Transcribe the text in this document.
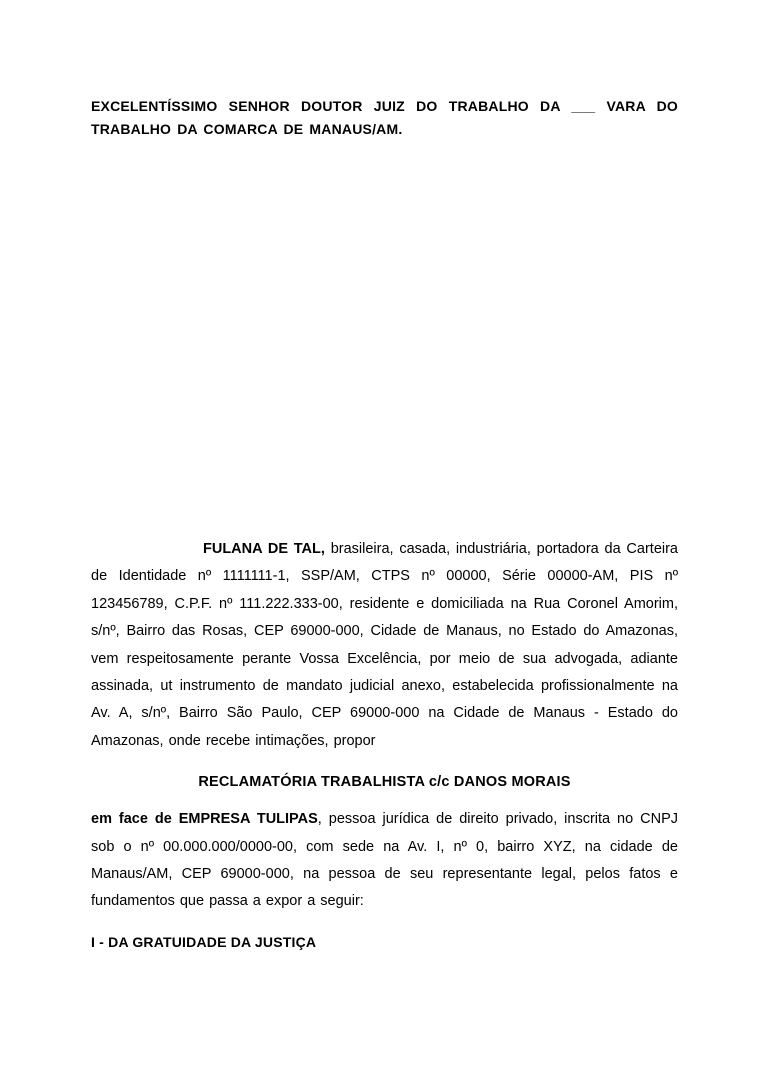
EXCELENTÍSSIMO SENHOR DOUTOR JUIZ DO TRABALHO DA ___ VARA DO TRABALHO DA COMARCA DE MANAUS/AM.

FULANA DE TAL, brasileira, casada, industriária, portadora da Carteira de Identidade nº 1111111-1, SSP/AM, CTPS nº 00000, Série 00000-AM, PIS nº 123456789, C.P.F. nº 111.222.333-00, residente e domiciliada na Rua Coronel Amorim, s/nº, Bairro das Rosas, CEP 69000-000, Cidade de Manaus, no Estado do Amazonas, vem respeitosamente perante Vossa Excelência, por meio de sua advogada, adiante assinada, ut instrumento de mandato judicial anexo, estabelecida profissionalmente na Av. A, s/nº, Bairro São Paulo, CEP 69000-000 na Cidade de Manaus - Estado do Amazonas, onde recebe intimações, propor

RECLAMATÓRIA TRABALHISTA c/c DANOS MORAIS

em face de EMPRESA TULIPAS, pessoa jurídica de direito privado, inscrita no CNPJ sob o nº 00.000.000/0000-00, com sede na Av. I, nº 0, bairro XYZ, na cidade de Manaus/AM, CEP 69000-000, na pessoa de seu representante legal, pelos fatos e fundamentos que passa a expor a seguir:

I - DA GRATUIDADE DA JUSTIÇA
